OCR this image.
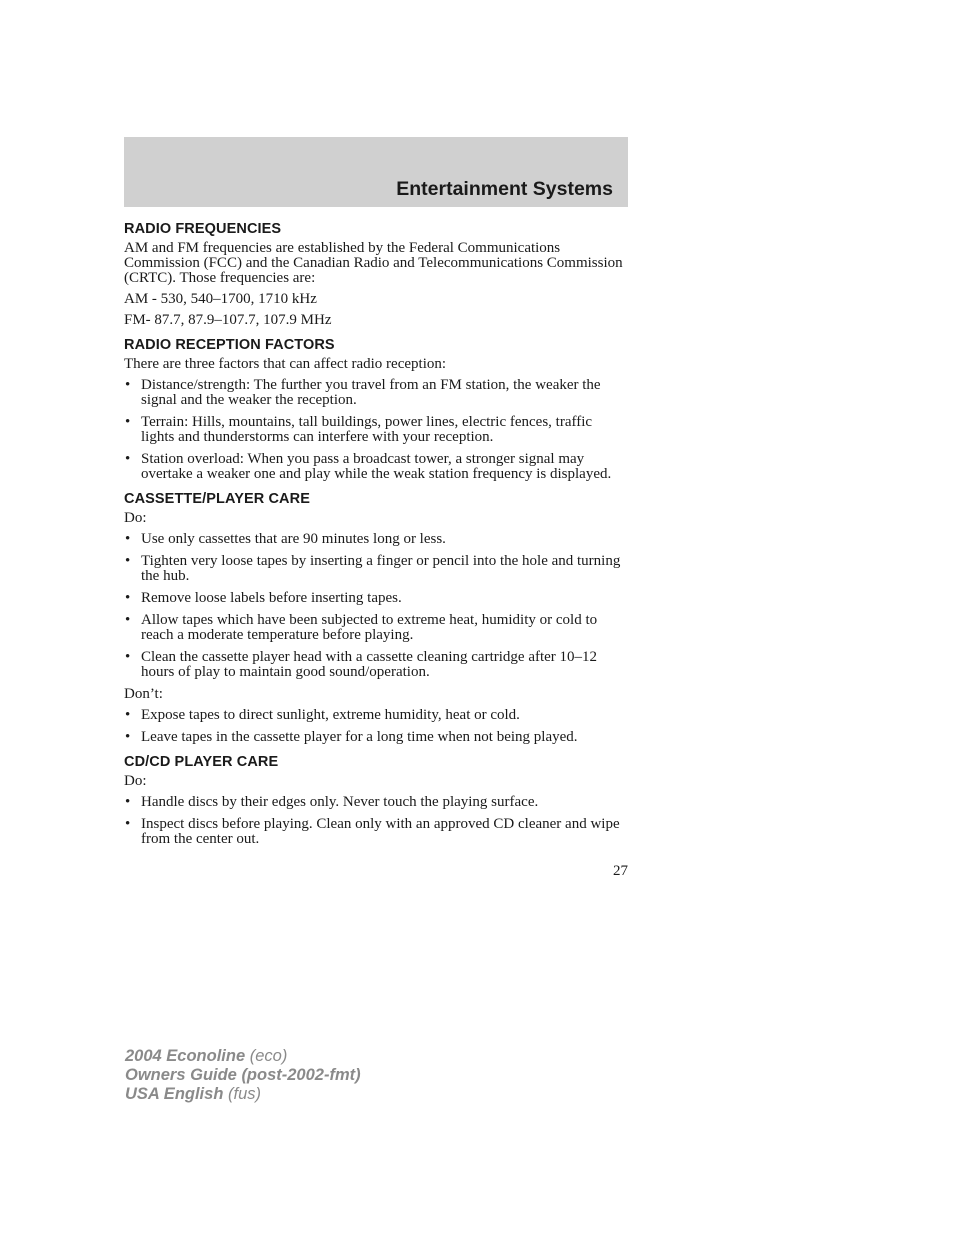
Entertainment Systems
RADIO FREQUENCIES

AM and FM frequencies are established by the Federal Communications Commission (FCC) and the Canadian Radio and Telecommunications Commission (CRTC). Those frequencies are:

AM - 530, 540–1700, 1710 kHz

FM- 87.7, 87.9–107.7, 107.9 MHz

RADIO RECEPTION FACTORS

There are three factors that can affect radio reception:

• Distance/strength: The further you travel from an FM station, the weaker the signal and the weaker the reception.
• Terrain: Hills, mountains, tall buildings, power lines, electric fences, traffic lights and thunderstorms can interfere with your reception.
• Station overload: When you pass a broadcast tower, a stronger signal may overtake a weaker one and play while the weak station frequency is displayed.
CASSETTE/PLAYER CARE

Do:

• Use only cassettes that are 90 minutes long or less.
• Tighten very loose tapes by inserting a finger or pencil into the hole and turning the hub.
• Remove loose labels before inserting tapes.
• Allow tapes which have been subjected to extreme heat, humidity or cold to reach a moderate temperature before playing.
• Clean the cassette player head with a cassette cleaning cartridge after 10–12 hours of play to maintain good sound/operation.

Don’t:

• Expose tapes to direct sunlight, extreme humidity, heat or cold.
• Leave tapes in the cassette player for a long time when not being played.
CD/CD PLAYER CARE

Do:

• Handle discs by their edges only. Never touch the playing surface.
• Inspect discs before playing. Clean only with an approved CD cleaner and wipe from the center out.
27
2004 Econoline (eco)
Owners Guide (post-2002-fmt)
USA English (fus)
